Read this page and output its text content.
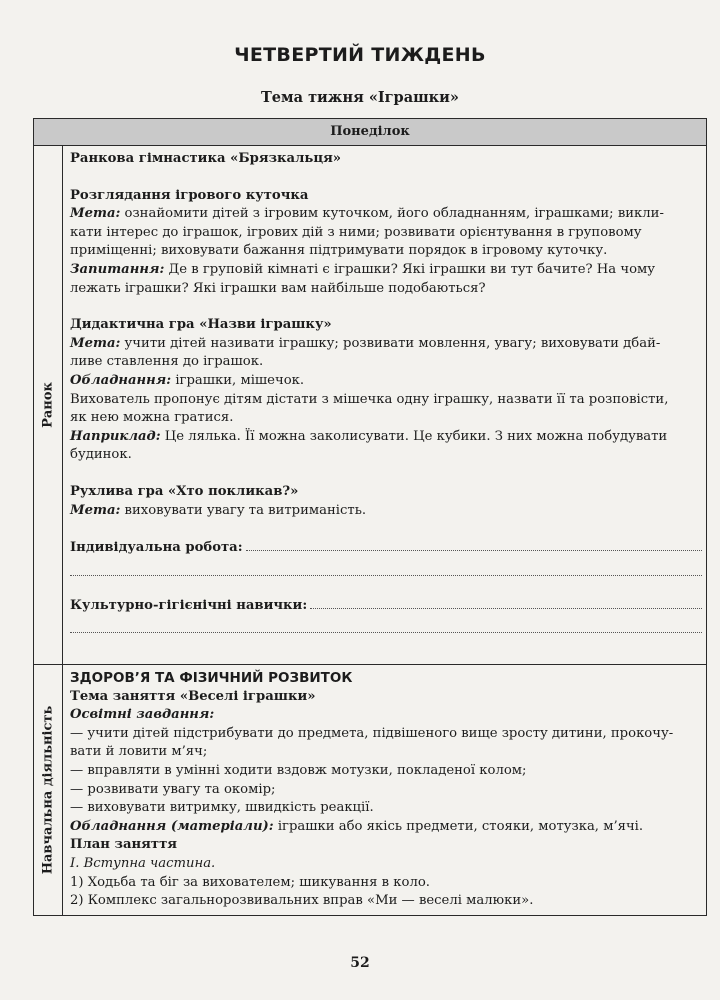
ЧЕТВЕРТИЙ ТИЖДЕНЬ
Тема тижня «Іграшки»
Понеділок
Ранок
Навчальна діяльність

Ранкова гімнастика «Брязкальця»

Розглядання ігрового куточка

Мета: ознайомити дітей з ігровим куточком, його обладнанням, іграшками; викли-

кати інтерес до іграшок, ігрових дій з ними; розвивати орієнтування в груповому

приміщенні; виховувати бажання підтримувати порядок в ігровому куточку.

Запитання: Де в груповій кімнаті є іграшки? Які іграшки ви тут бачите? На чому

лежать іграшки? Які іграшки вам найбільше подобаються?

Дидактична гра «Назви іграшку»

Мета: учити дітей називати іграшку; розвивати мовлення, увагу; виховувати дбай-

ливе ставлення до іграшок.

Обладнання: іграшки, мішечок.

Вихователь пропонує дітям дістати з мішечка одну іграшку, назвати її та розповісти,

як нею можна гратися.

Наприклад: Це лялька. Її можна заколисувати. Це кубики. З них можна побудувати

будинок.

Рухлива гра «Хто покликав?»

Мета: виховувати увагу та витриманість.

Індивідуальна робота:
Культурно-гігієнічні навички:

ЗДОРОВ’Я ТА ФІЗИЧНИЙ РОЗВИТОК

Тема заняття «Веселі іграшки»

Освітні завдання:

— учити дітей підстрибувати до предмета, підвішеного вище зросту дитини, прокочу-

вати й ловити м’яч;

— вправляти в умінні ходити вздовж мотузки, покладеної колом;

— розвивати увагу та окомір;

— виховувати витримку, швидкість реакції.

Обладнання (матеріали): іграшки або якісь предмети, стояки, мотузка, м’ячі.

План заняття

I. Вступна частина.

1) Ходьба та біг за вихователем; шикування в коло.

2) Комплекс загальнорозвивальних вправ «Ми — веселі малюки».

52
